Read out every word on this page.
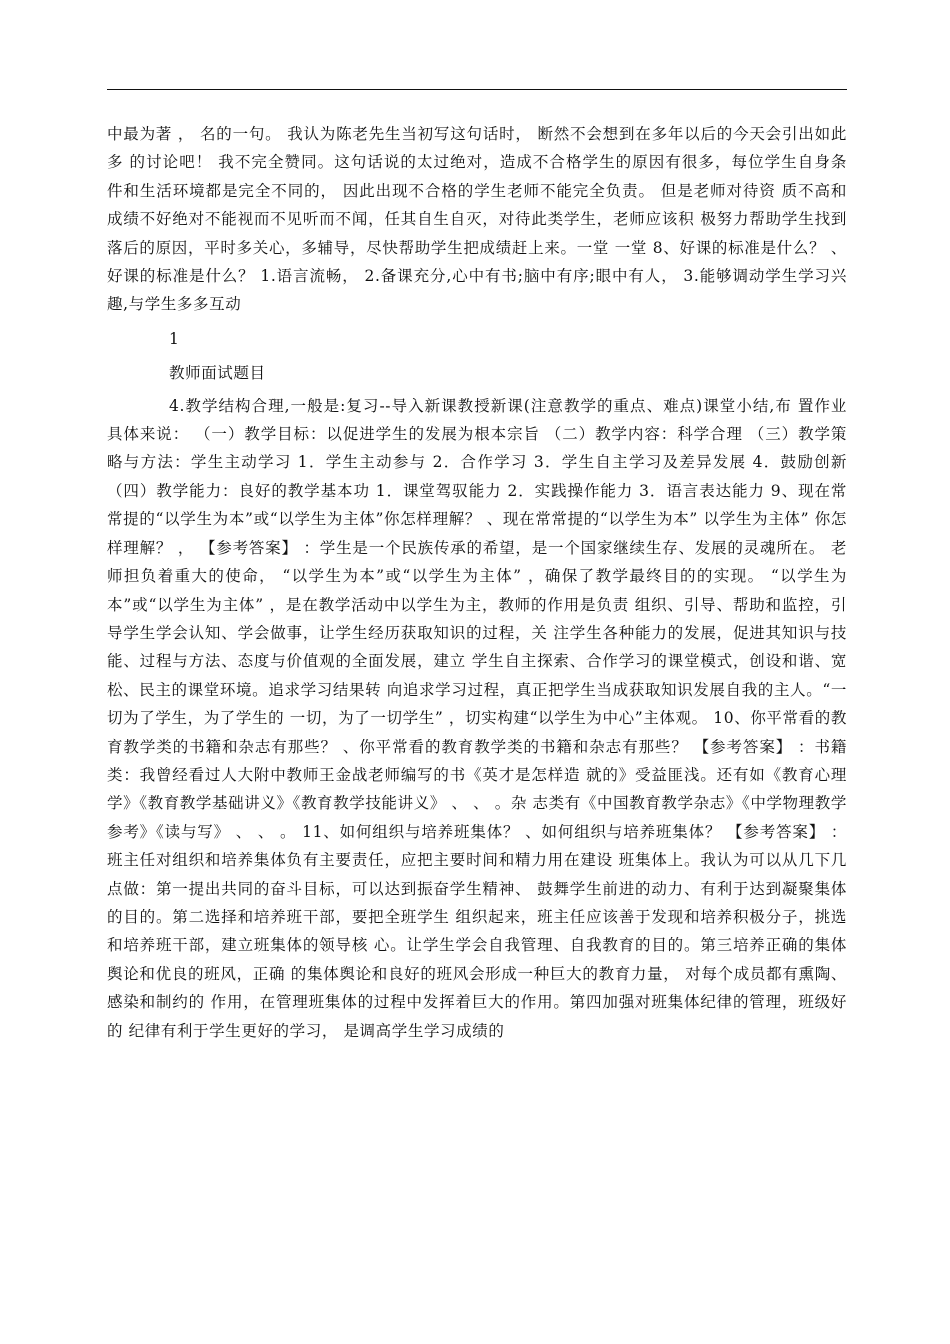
中最为著 ， 名的一句。 我认为陈老先生当初写这句话时， 断然不会想到在多年以后的今天会引出如此多 的讨论吧！ 我不完全赞同。这句话说的太过绝对，造成不合格学生的原因有很多，每位学生自身条 件和生活环境都是完全不同的， 因此出现不合格的学生老师不能完全负责。 但是老师对待资 质不高和成绩不好绝对不能视而不见听而不闻，任其自生自灭，对待此类学生，老师应该积 极努力帮助学生找到落后的原因，平时多关心，多辅导，尽快帮助学生把成绩赶上来。一堂 一堂 8、好课的标准是什么？ 、好课的标准是什么？ 1.语言流畅， 2.备课充分,心中有书;脑中有序;眼中有人， 3.能够调动学生学习兴趣,与学生多多互动

1

教师面试题目

4.教学结构合理,一般是:复习--导入新课教授新课(注意教学的重点、难点)课堂小结,布 置作业 具体来说： （一）教学目标：以促进学生的发展为根本宗旨 （二）教学内容：科学合理 （三）教学策略与方法：学生主动学习 1．学生主动参与 2．合作学习 3．学生自主学习及差异发展 4．鼓励创新 （四）教学能力：良好的教学基本功 1．课堂驾驭能力 2．实践操作能力 3．语言表达能力 9、现在常常提的“以学生为本”或“以学生为主体”你怎样理解？ 、现在常常提的“以学生为本” 以学生为主体” 你怎样理解？ ， 【参考答案】 ：学生是一个民族传承的希望，是一个国家继续生存、发展的灵魂所在。 老师担负着重大的使命， “以学生为本”或“以学生为主体” ，确保了教学最终目的的实现。 “以学生为本”或“以学生为主体” ，是在教学活动中以学生为主，教师的作用是负责 组织、引导、帮助和监控，引导学生学会认知、学会做事，让学生经历获取知识的过程，关 注学生各种能力的发展，促进其知识与技能、过程与方法、态度与价值观的全面发展，建立 学生自主探索、合作学习的课堂模式，创设和谐、宽松、民主的课堂环境。追求学习结果转 向追求学习过程，真正把学生当成获取知识发展自我的主人。“一切为了学生，为了学生的 一切，为了一切学生” ，切实构建“以学生为中心”主体观。 10、你平常看的教育教学类的书籍和杂志有那些？ 、你平常看的教育教学类的书籍和杂志有那些？ 【参考答案】 ：书籍类：我曾经看过人大附中教师王金战老师编写的书《英才是怎样造 就的》受益匪浅。还有如《教育心理学》《教育教学基础讲义》《教育教学技能讲义》 、 、 。杂 志类有《中国教育教学杂志》《中学物理教学参考》《读与写》 、 、 。 11、如何组织与培养班集体？ 、如何组织与培养班集体？ 【参考答案】 ：班主任对组织和培养集体负有主要责任，应把主要时间和精力用在建设 班集体上。我认为可以从几下几点做：第一提出共同的奋斗目标，可以达到振奋学生精神、 鼓舞学生前进的动力、有利于达到凝聚集体的目的。第二选择和培养班干部，要把全班学生 组织起来，班主任应该善于发现和培养积极分子，挑选和培养班干部，建立班集体的领导核 心。让学生学会自我管理、自我教育的目的。第三培养正确的集体舆论和优良的班风，正确 的集体舆论和良好的班风会形成一种巨大的教育力量， 对每个成员都有熏陶、 感染和制约的 作用，在管理班集体的过程中发挥着巨大的作用。第四加强对班集体纪律的管理，班级好的 纪律有利于学生更好的学习， 是调高学生学习成绩的
